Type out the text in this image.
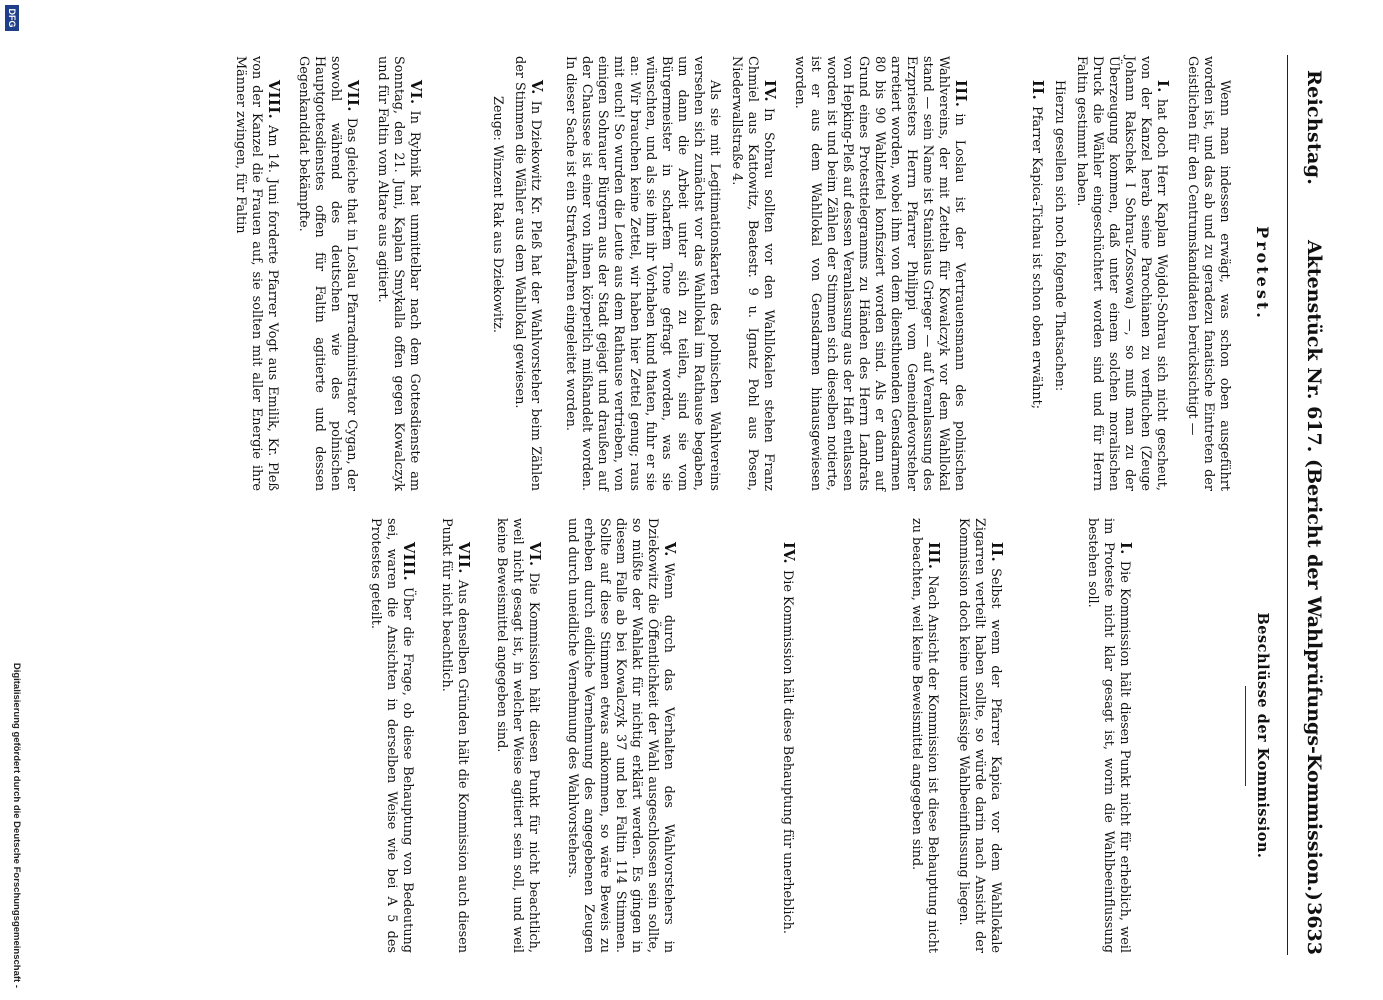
Reichstag.
Aktenstück Nr. 617. (Bericht der Wahlprüfungs-Kommission.)
3633
Protest.

Wenn man indessen erwägt, was schon oben ausgeführt worden ist, und das ab und zu geradezu fanatische Eintreten der Geistlichen für den Centrumskandidaten berücksichtigt —

I.hat doch Herr Kaplan Wojdol-Sohrau sich nicht gescheut, von der Kanzel herab seine Parochianen zu verfluchen (Zeuge Johann Rakschek I Sohrau-Zossowa) —, so muß man zu der Überzeugung kommen, daß unter einem solchen moralischen Druck die Wähler eingeschüchtert worden sind und für Herrn Faltin gestimmt haben.

Hierzu gesellen sich noch folgende Thatsachen:

II.Pfarrer Kapica-Tichau ist schon oben erwähnt;

III.in Loslau ist der Vertrauensmann des polnischen Wahlvereins, der mit Zetteln für Kowalczyk vor dem Wahllokal stand — sein Name ist Stanislaus Grieger — auf Veranlassung des Erzpriesters Herrn Pfarrer Philippi vom Gemeindevorsteher arretiert worden, wobei ihm von dem diensthuenden Gensdarmen 80 bis 90 Wahlzettel konfisziert worden sind. Als er dann auf Grund eines Protesttelegramms zu Händen des Herrn Landrats von Hepking-Pleß auf dessen Veranlassung aus der Haft entlassen worden ist und beim Zählen der Stimmen sich dieselben notierte, ist er aus dem Wahllokal von Gensdarmen hinausgewiesen worden.

IV.In Sohrau sollten vor den Wahllokalen stehen Franz Chmiel aus Kattowitz, Beatestr. 9 u. Ignatz Pohl aus Posen, Niederwallstraße 4.

Als sie mit Legitimationskarten des polnischen Wahlvereins versehen sich zunächst vor das Wahllokal im Rathause begaben, um dann die Arbeit unter sich zu teilen, sind sie vom Bürgermeister in scharfem Tone gefragt worden, was sie wünschten, und als sie ihm ihr Vorhaben kund thaten, fuhr er sie an: Wir brauchen keine Zettel, wir haben hier Zettel genug; raus mit euch! So wurden die Leute aus dem Rathause vertrieben, von einigen Sohrauer Bürgern aus der Stadt gejagt und draußen auf der Chaussee ist einer von ihnen körperlich mißhandelt worden. In dieser Sache ist ein Strafverfahren eingeleitet worden.

V.In Dziekowitz Kr. Pleß hat der Wahlvorsteher beim Zählen der Stimmen die Wähler aus dem Wahllokal gewiesen.

Zeuge: Winzent Rak aus Dziekowitz.

VI.In Rybnik hat unmittelbar nach dem Gottesdienste am Sonntag, den 21. Juni, Kaplan Smykalla offen gegen Kowalczyk und für Faltin vom Altare aus agitiert.

VII.Das gleiche that in Loslau Pfarradministrator Cygan, der sowohl während des deutschen wie des polnischen Hauptgottesdienstes offen für Faltin agitierte und dessen Gegenkandidat bekämpfte.

VIII.Am 14. Juni forderte Pfarrer Vogt aus Emilik, Kr. Pleß von der Kanzel die Frauen auf, sie sollten mit aller Energie ihre Männer zwingen, für Faltin

Beschlüsse der Kommission.

I.Die Kommission hält diesen Punkt nicht für erheblich, weil im Proteste nicht klar gesagt ist, worin die Wahlbeeinflussung bestehen soll.

II.Selbst wenn der Pfarrer Kapica vor dem Wahllokale Zigarren verteilt haben sollte, so würde darin nach Ansicht der Kommission doch keine unzulässige Wahlbeeinflussung liegen.

III.Nach Ansicht der Kommission ist diese Behauptung nicht zu beachten, weil keine Beweismittel angegeben sind.

IV.Die Kommission hält diese Behauptung für unerheblich.

V.Wenn durch das Verhalten des Wahlvorstehers in Dziekowitz die Öffentlichkeit der Wahl ausgeschlossen sein sollte, so müßte der Wahlakt für nichtig erklärt werden. Es gingen in diesem Falle ab bei Kowalczyk 37 und bei Faltin 114 Stimmen. Sollte auf diese Stimmen etwas ankommen, so wäre Beweis zu erheben durch eidliche Vernehmung des angegebenen Zeugen und durch uneidliche Vernehmung des Wahlvorstehers.

VI.Die Kommission hält diesen Punkt für nicht beachtlich, weil nicht gesagt ist, in welcher Weise agitiert sein soll, und weil keine Beweismittel angegeben sind.

VII.Aus denselben Gründen hält die Kommission auch diesen Punkt für nicht beachtlich.

VIII.Über die Frage, ob diese Behauptung von Bedeutung sei, waren die Ansichten in derselben Weise wie bei A 5 des Protestes geteilt.

Digitalisierung gefördert durch die Deutsche Forschungsgemeinschaft -
DFG
